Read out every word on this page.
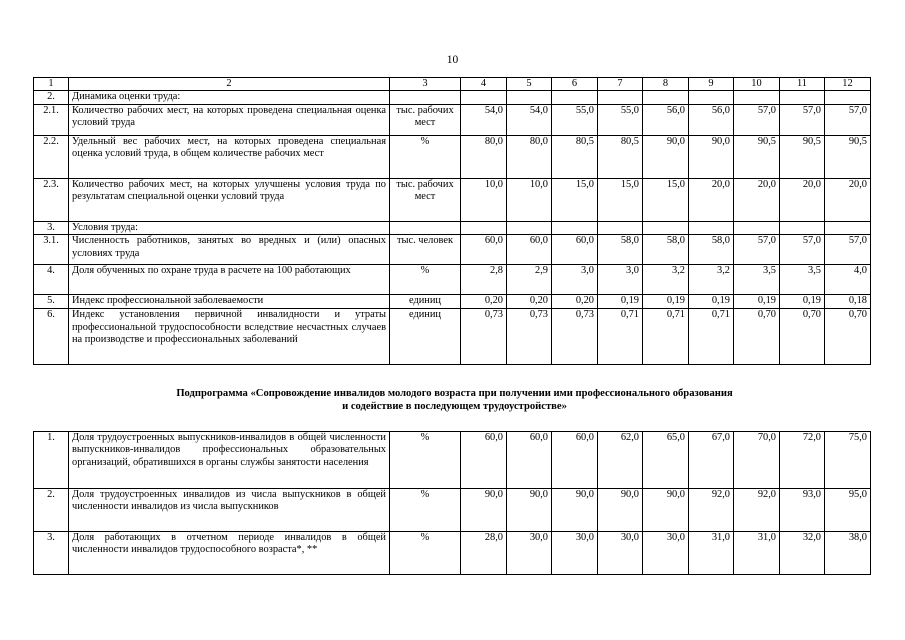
10
1	2	3	4	5	6	7	8	9	10	11	12
2.	Динамика оценки труда:										
2.1.	Количество рабочих мест, на которых проведена специальная оценка условий труда	тыс. рабочих мест	54,0	54,0	55,0	55,0	56,0	56,0	57,0	57,0	57,0
2.2.	Удельный вес рабочих мест, на которых проведена специальная оценка условий труда, в общем количестве рабочих мест	%	80,0	80,0	80,5	80,5	90,0	90,0	90,5	90,5	90,5
2.3.	Количество рабочих мест, на которых улучшены условия труда по результатам специальной оценки условий труда	тыс. рабочих мест	10,0	10,0	15,0	15,0	15,0	20,0	20,0	20,0	20,0
3.	Условия труда:										
3.1.	Численность работников, занятых во вредных и (или) опасных условиях труда	тыс. человек	60,0	60,0	60,0	58,0	58,0	58,0	57,0	57,0	57,0
4.	Доля обученных по охране труда в расчете на 100 работающих	%	2,8	2,9	3,0	3,0	3,2	3,2	3,5	3,5	4,0
5.	Индекс профессиональной заболеваемости	единиц	0,20	0,20	0,20	0,19	0,19	0,19	0,19	0,19	0,18
6.	Индекс установления первичной инвалидности и утраты профессиональной трудоспособности вследствие несчастных случаев на производстве и профессиональных заболеваний	единиц	0,73	0,73	0,73	0,71	0,71	0,71	0,70	0,70	0,70
Подпрограмма «Сопровождение инвалидов молодого возраста при получении ими профессионального образования
и содействие в последующем трудоустройстве»
1.	Доля трудоустроенных выпускников-инвалидов в общей численности выпускников-инвалидов профессиональных образовательных организаций, обратившихся в органы службы занятости населения	%	60,0	60,0	60,0	62,0	65,0	67,0	70,0	72,0	75,0
2.	Доля трудоустроенных инвалидов из числа выпускников в общей численности инвалидов из числа выпускников	%	90,0	90,0	90,0	90,0	90,0	92,0	92,0	93,0	95,0
3.	Доля работающих в отчетном периоде инвалидов в общей численности инвалидов трудоспособного возраста*, **	%	28,0	30,0	30,0	30,0	30,0	31,0	31,0	32,0	38,0
